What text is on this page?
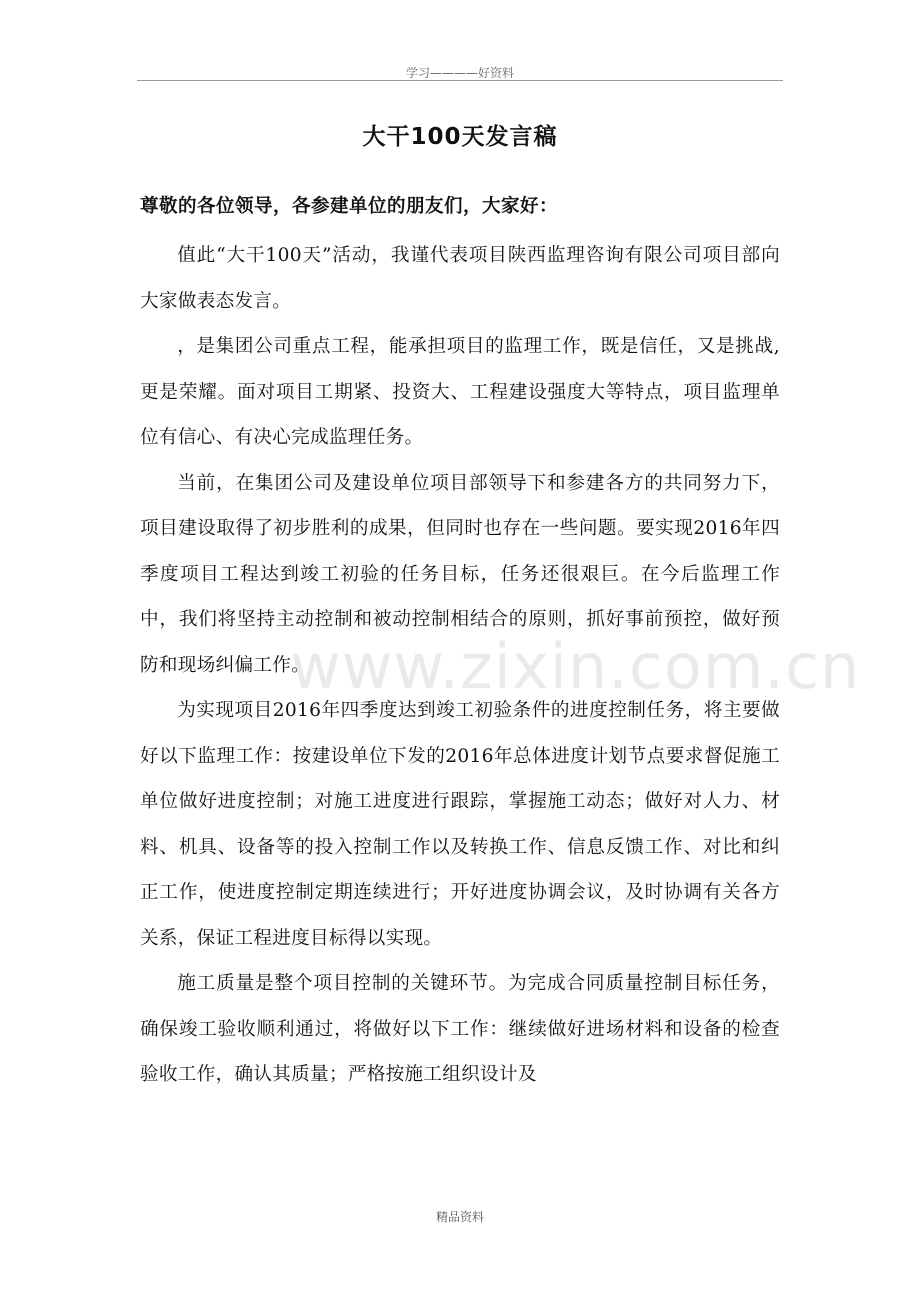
学习————好资料
大干100天发言稿
尊敬的各位领导，各参建单位的朋友们，大家好：

值此“大干100天”活动，我谨代表项目陕西监理咨询有限公司项目部向大家做表态发言。

，是集团公司重点工程，能承担项目的监理工作，既是信任，又是挑战,更是荣耀。面对项目工期紧、投资大、工程建设强度大等特点，项目监理单位有信心、有决心完成监理任务。

当前，在集团公司及建设单位项目部领导下和参建各方的共同努力下，项目建设取得了初步胜利的成果，但同时也存在一些问题。要实现2016年四季度项目工程达到竣工初验的任务目标，任务还很艰巨。在今后监理工作中，我们将坚持主动控制和被动控制相结合的原则，抓好事前预控，做好预防和现场纠偏工作。

为实现项目2016年四季度达到竣工初验条件的进度控制任务，将主要做好以下监理工作：按建设单位下发的2016年总体进度计划节点要求督促施工单位做好进度控制；对施工进度进行跟踪，掌握施工动态；做好对人力、材料、机具、设备等的投入控制工作以及转换工作、信息反馈工作、对比和纠正工作，使进度控制定期连续进行；开好进度协调会议，及时协调有关各方关系，保证工程进度目标得以实现。

施工质量是整个项目控制的关键环节。为完成合同质量控制目标任务，确保竣工验收顺利通过，将做好以下工作：继续做好进场材料和设备的检查验收工作，确认其质量；严格按施工组织设计及

www.zixin.com.cn
精品资料
